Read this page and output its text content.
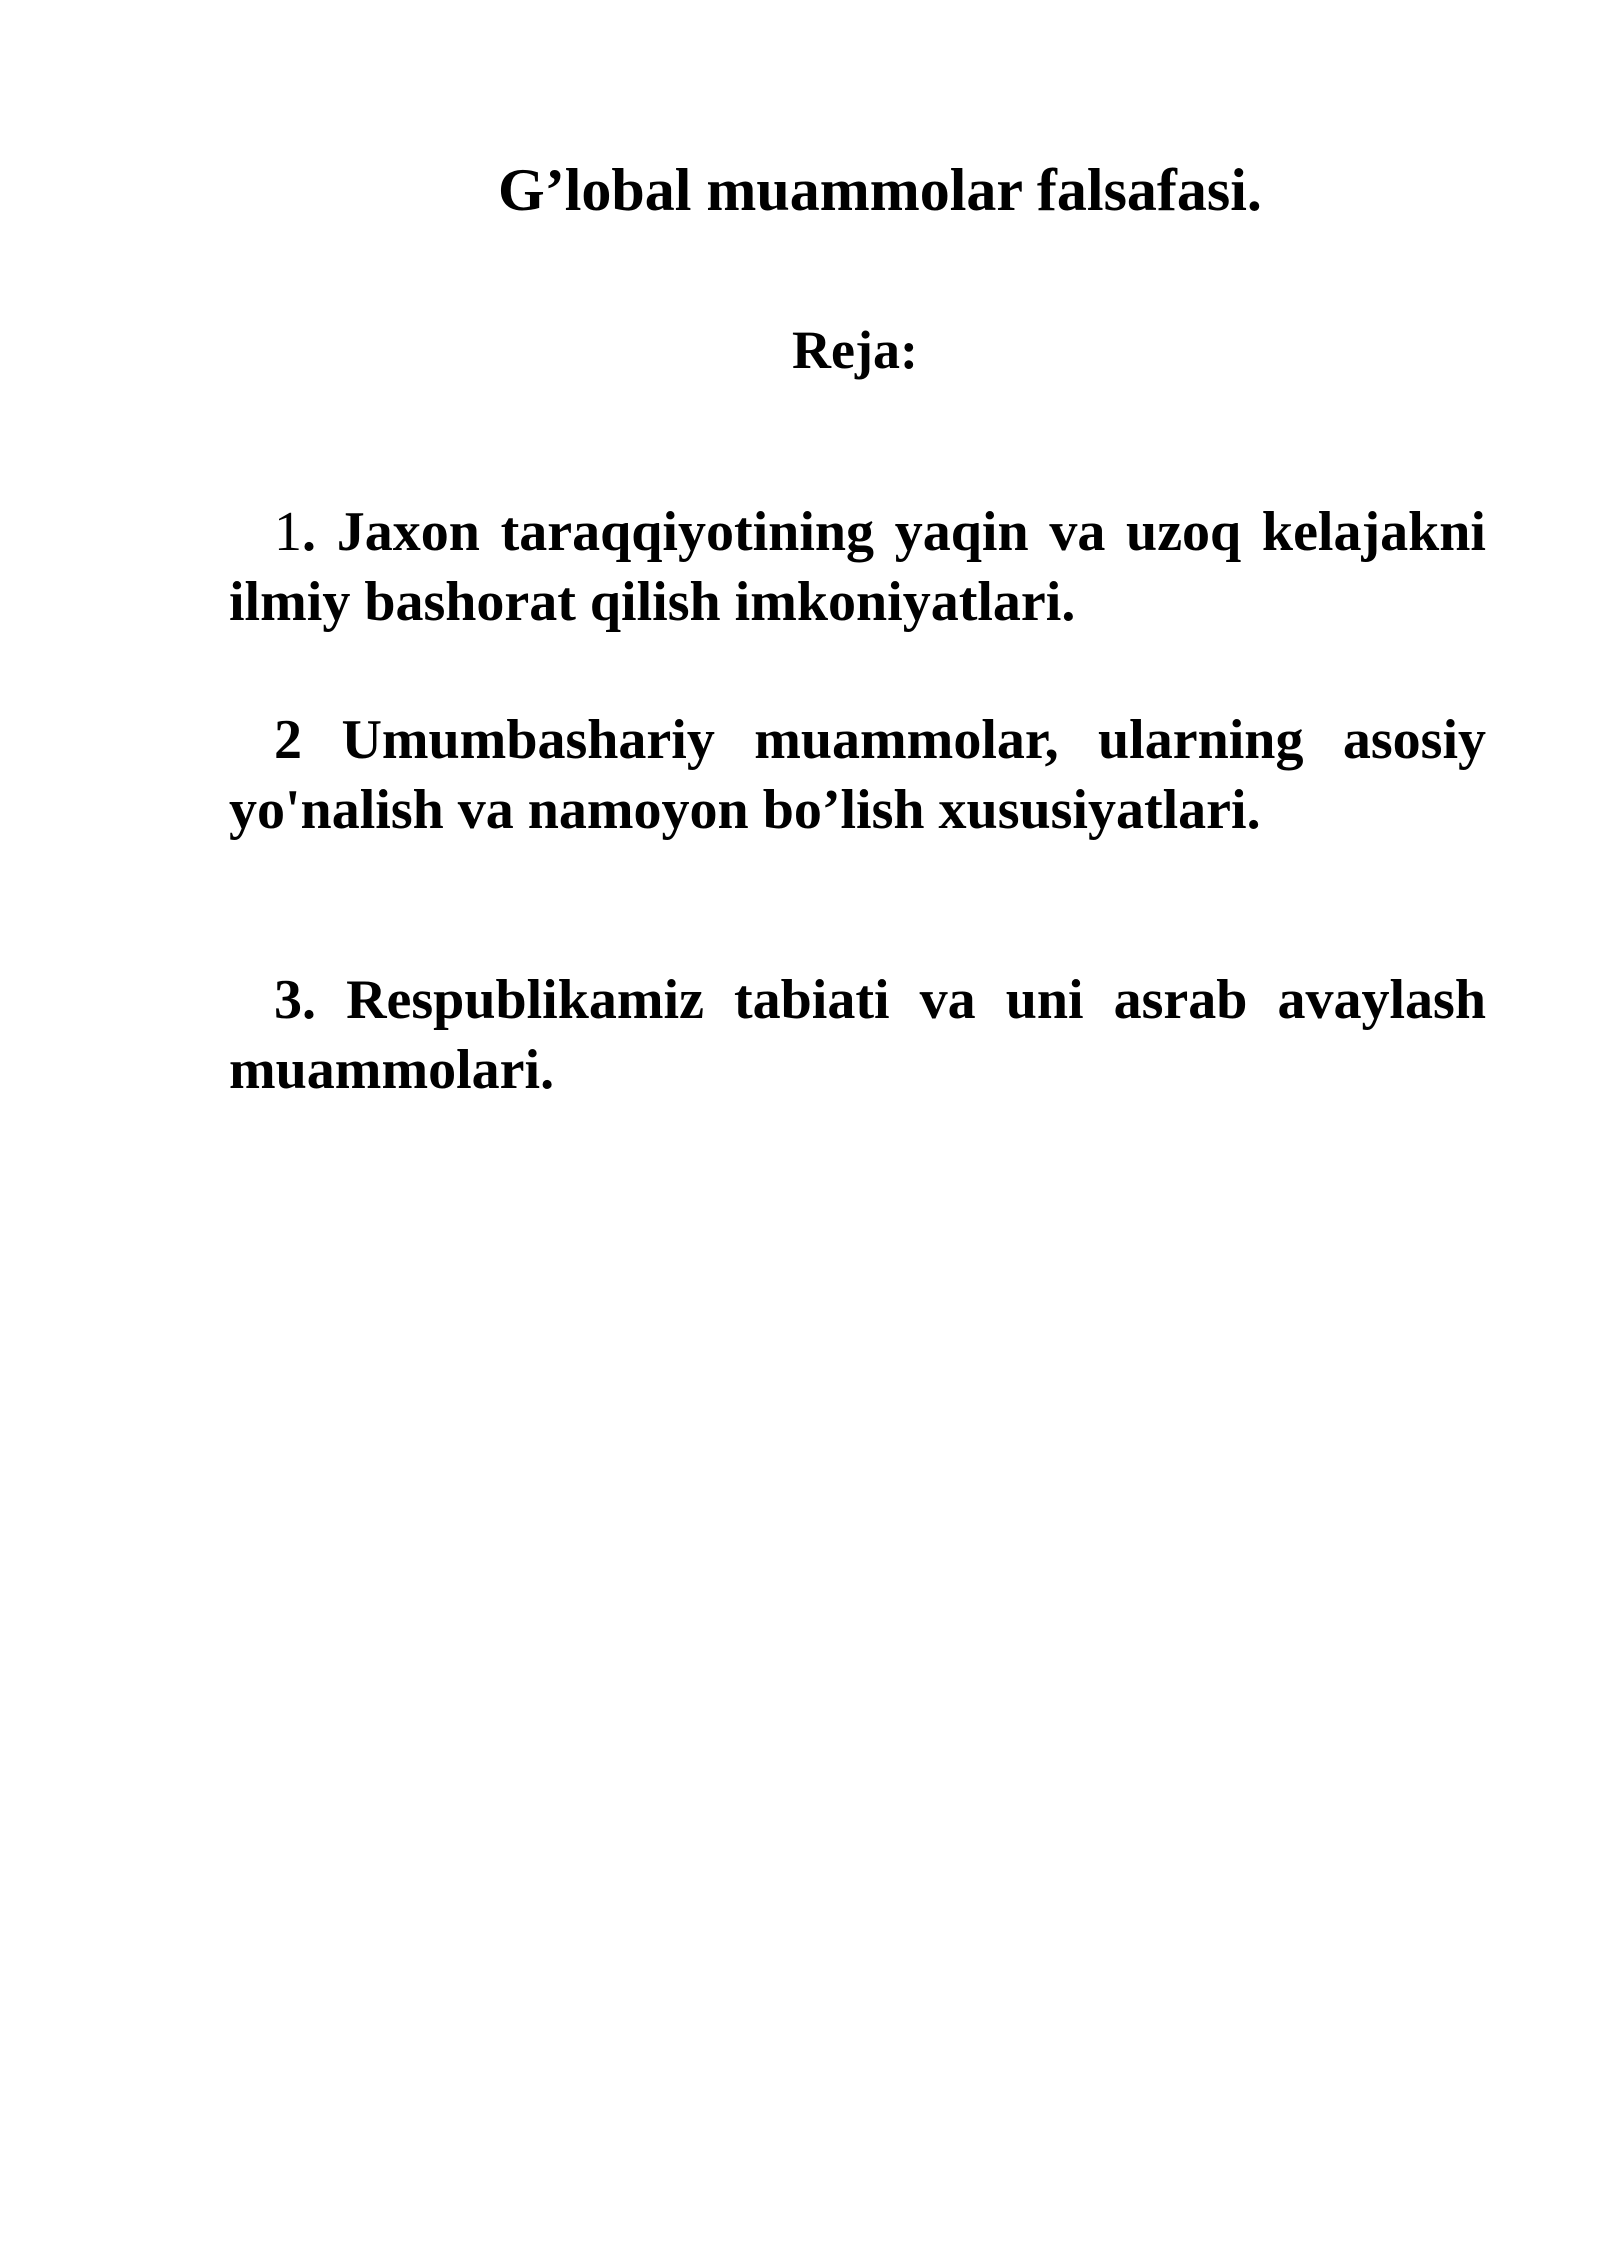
G’lobal muammolar falsafasi.
Reja:

1. Jaxon taraqqiyotining yaqin va uzoq kelajakni ilmiy bashorat qilish imkoniyatlari.

2 Umumbashariy muammolar, ularning asosiy yo'nalish va namoyon bo’lish xususiyatlari.

3. Respublikamiz tabiati va uni asrab avaylash muammolari.
